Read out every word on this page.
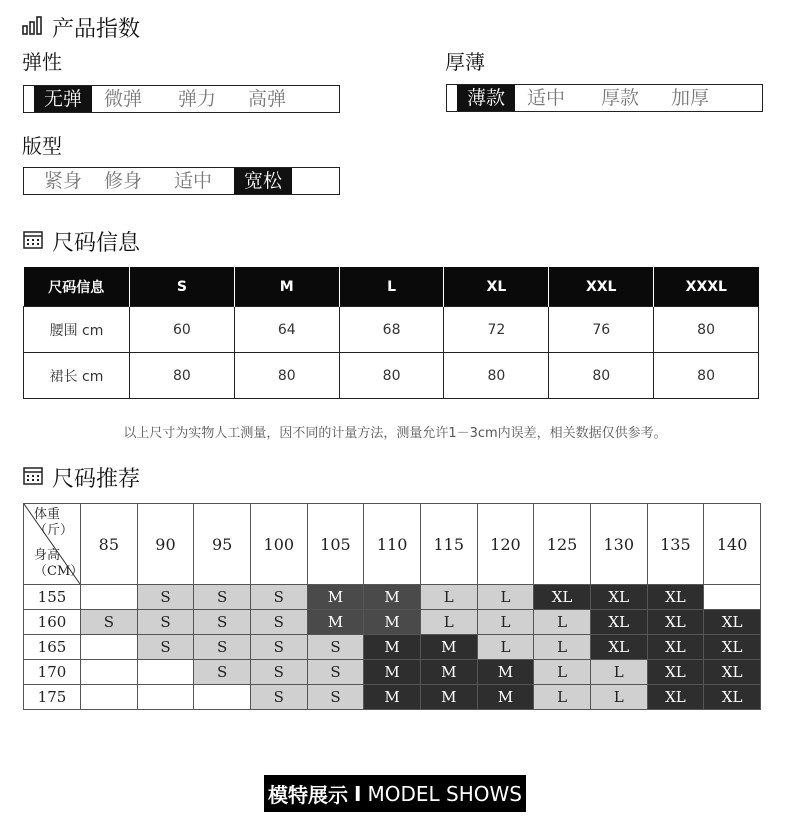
产品指数
弹性
无弹	微弹	弹力	高弹
厚薄
薄款	适中	厚款	加厚
版型
紧身	修身	适中	宽松
尺码信息
尺码信息	S	M	L	XL	XXL	XXXL
腰围 cm	60	64	68	72	76	80
裙长 cm	80	80	80	80	80	80
以上尺寸为实物人工测量，因不同的计量方法，测量允许1－3cm内误差，相关数据仅供参考。
尺码推荐
体重（斤）
身高（CM）	85	90	95	100	105	110	115	120	125	130	135	140
155		S	S	S	M	M	L	L	XL	XL	XL	
160	S	S	S	S	M	M	L	L	L	XL	XL	XL
165		S	S	S	S	M	M	L	L	XL	XL	XL
170			S	S	S	M	M	M	L	L	XL	XL
175				S	S	M	M	M	L	L	XL	XL
模特展示 I MODEL SHOWS
